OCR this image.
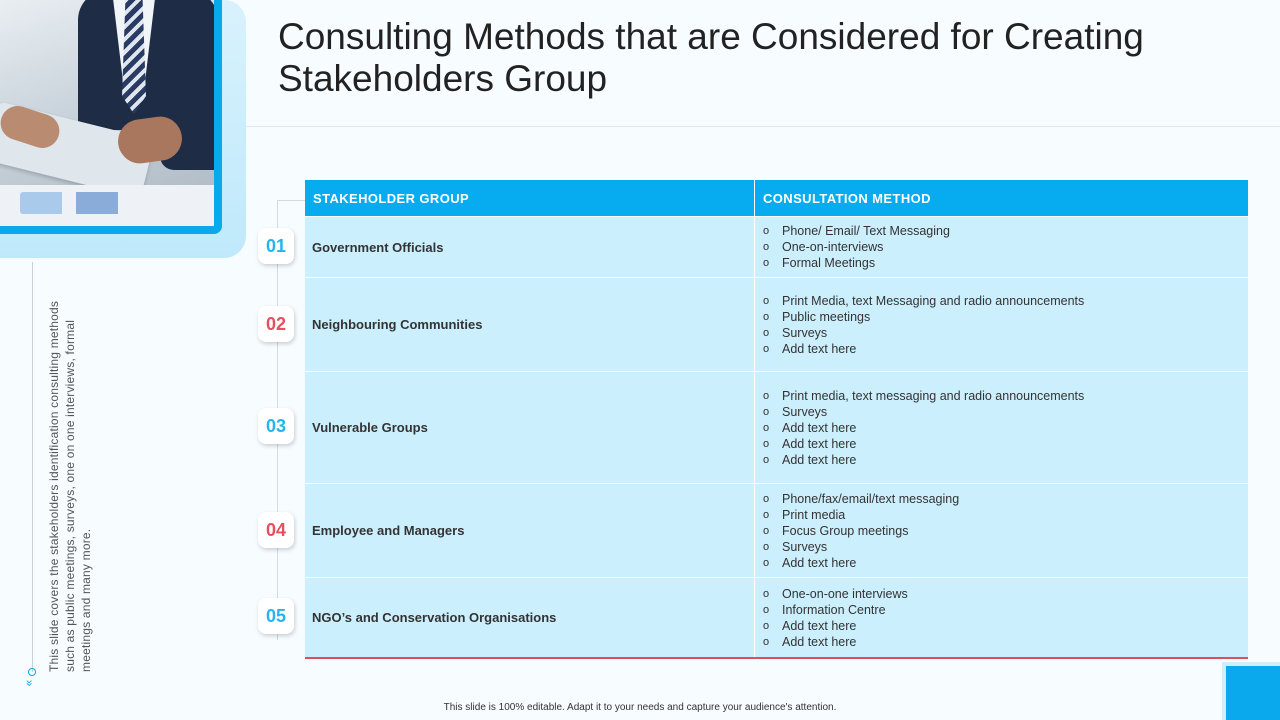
Consulting Methods that are Considered for Creating Stakeholders Group
This slide covers the stakeholders identification consulting methods such as public meetings, surveys, one on one interviews, formal meetings and many more.
«
01
02
03
04
05
STAKEHOLDER GROUP	CONSULTATION METHOD
Government Officials
o	Phone/ Email/ Text Messaging
o	One-on-interviews
o	Formal Meetings
Neighbouring Communities
o	Print Media, text Messaging and radio announcements
o	Public meetings
o	Surveys
o	Add text here
Vulnerable Groups
o	Print media, text messaging and radio announcements
o	Surveys
o	Add text here
o	Add text here
o	Add text here
Employee and Managers
o	Phone/fax/email/text messaging
o	Print media
o	Focus Group meetings
o	Surveys
o	Add text here
NGO’s and Conservation Organisations
o	One-on-one interviews
o	Information Centre
o	Add text here
o	Add text here
This slide is 100% editable. Adapt it to your needs and capture your audience's attention.
